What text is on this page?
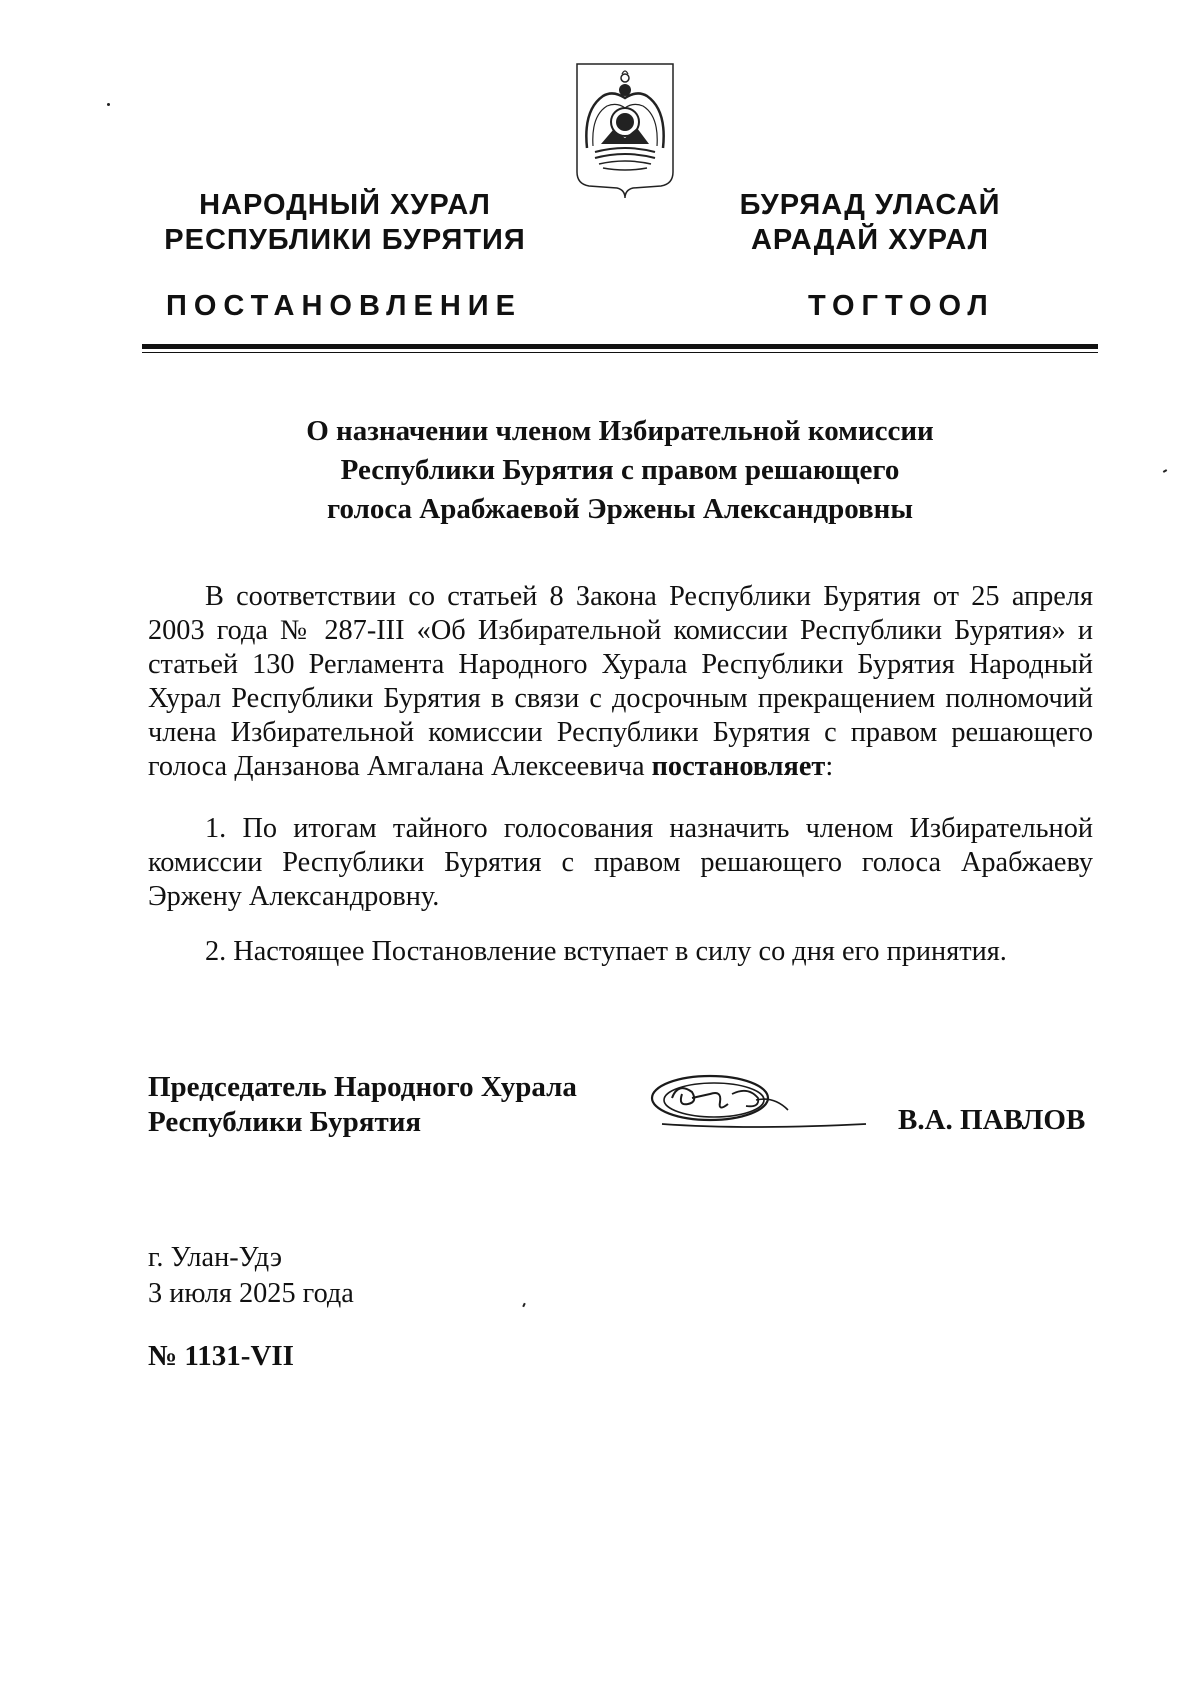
НАРОДНЫЙ ХУРАЛ
РЕСПУБЛИКИ БУРЯТИЯ
БУРЯАД УЛАСАЙ
АРАДАЙ ХУРАЛ
ПОСТАНОВЛЕНИЕ	ТОГТООЛ
О назначении членом Избирательной комиссии
Республики Бурятия с правом решающего
голоса Арабжаевой Эржены Александровны
В соответствии со статьей 8 Закона Республики Бурятия от 25 апреля 2003 года № 287-III «Об Избирательной комиссии Республики Бурятия» и статьей 130 Регламента Народного Хурала Республики Бурятия Народный Хурал Республики Бурятия в связи с досрочным прекращением полномочий члена Избирательной комиссии Республики Бурятия с правом решающего голоса Данзанова Амгалана Алексеевича постановляет:
1. По итогам тайного голосования назначить членом Избирательной комиссии Республики Бурятия с правом решающего голоса Арабжаеву Эржену Александровну.
2. Настоящее Постановление вступает в силу со дня его принятия.
Председатель Народного Хурала
Республики Бурятия	В.А. ПАВЛОВ
г. Улан-Удэ
3 июля 2025 года
№ 1131-VII
